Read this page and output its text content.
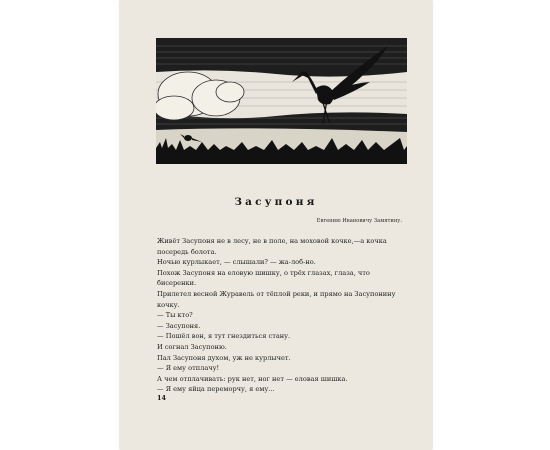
Засупоня
Евгению Ивановичу Замятину.

Живёт Засупоня не в лесу, не в поле, на моховой кочке,—а кочка посередь болота.

Ночью курлыкает, — слышали? — жа-лоб-но.

Похож Засупоня на еловую шишку, о трёх глазах, глаза, что бисеренки.

Прилетел весной Журавель от тёплой реки, и прямо на Засупонину кочку.

— Ты кто?

— Засупоня.

— Пошёл вон, я тут гнездиться стану.

И согнал Засупоню.

Пал Засупоня духом, уж не курлычет.

— Я ему отплачу!

А чем отплачивать: рук нет, ног нет — еловая шишка.

— Я ему яйца переморчу, я ему...

14
